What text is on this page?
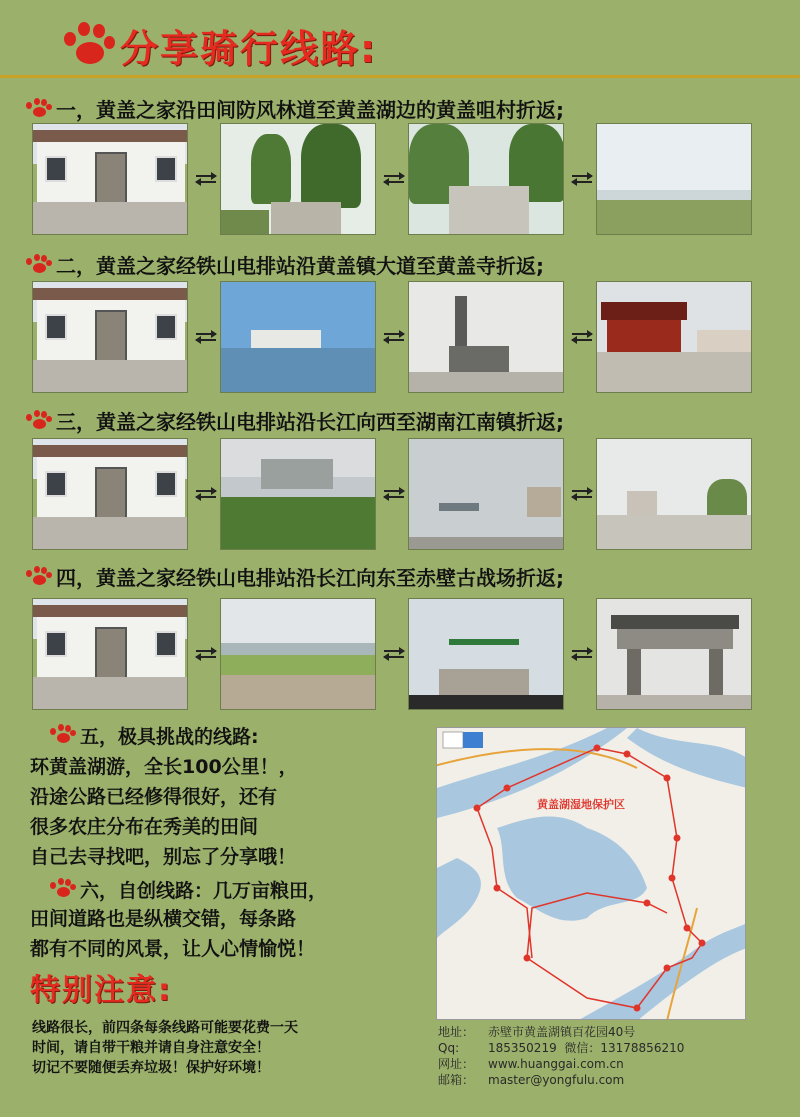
分享骑行线路:
一，黄盖之家沿田间防风林道至黄盖湖边的黄盖咀村折返;
二，黄盖之家经铁山电排站沿黄盖镇大道至黄盖寺折返;
三，黄盖之家经铁山电排站沿长江向西至湖南江南镇折返;
四，黄盖之家经铁山电排站沿长江向东至赤壁古战场折返;
五，极具挑战的线路:
环黄盖湖游，全长100公里！，
沿途公路已经修得很好，还有
很多农庄分布在秀美的田间
自己去寻找吧，别忘了分享哦！
六，自创线路：几万亩粮田，
田间道路也是纵横交错，每条路
都有不同的风景，让人心情愉悦！
特别注意:
线路很长，前四条每条线路可能要花费一天
时间，请自带干粮并请自身注意安全！
切记不要随便丢弃垃圾！保护好环境！
黄盖湖湿地保护区
地址： 赤壁市黄盖湖镇百花园40号
Qq: 185350219 微信：13178856210
网址： www.huanggai.com.cn
邮箱： master@yongfulu.com
